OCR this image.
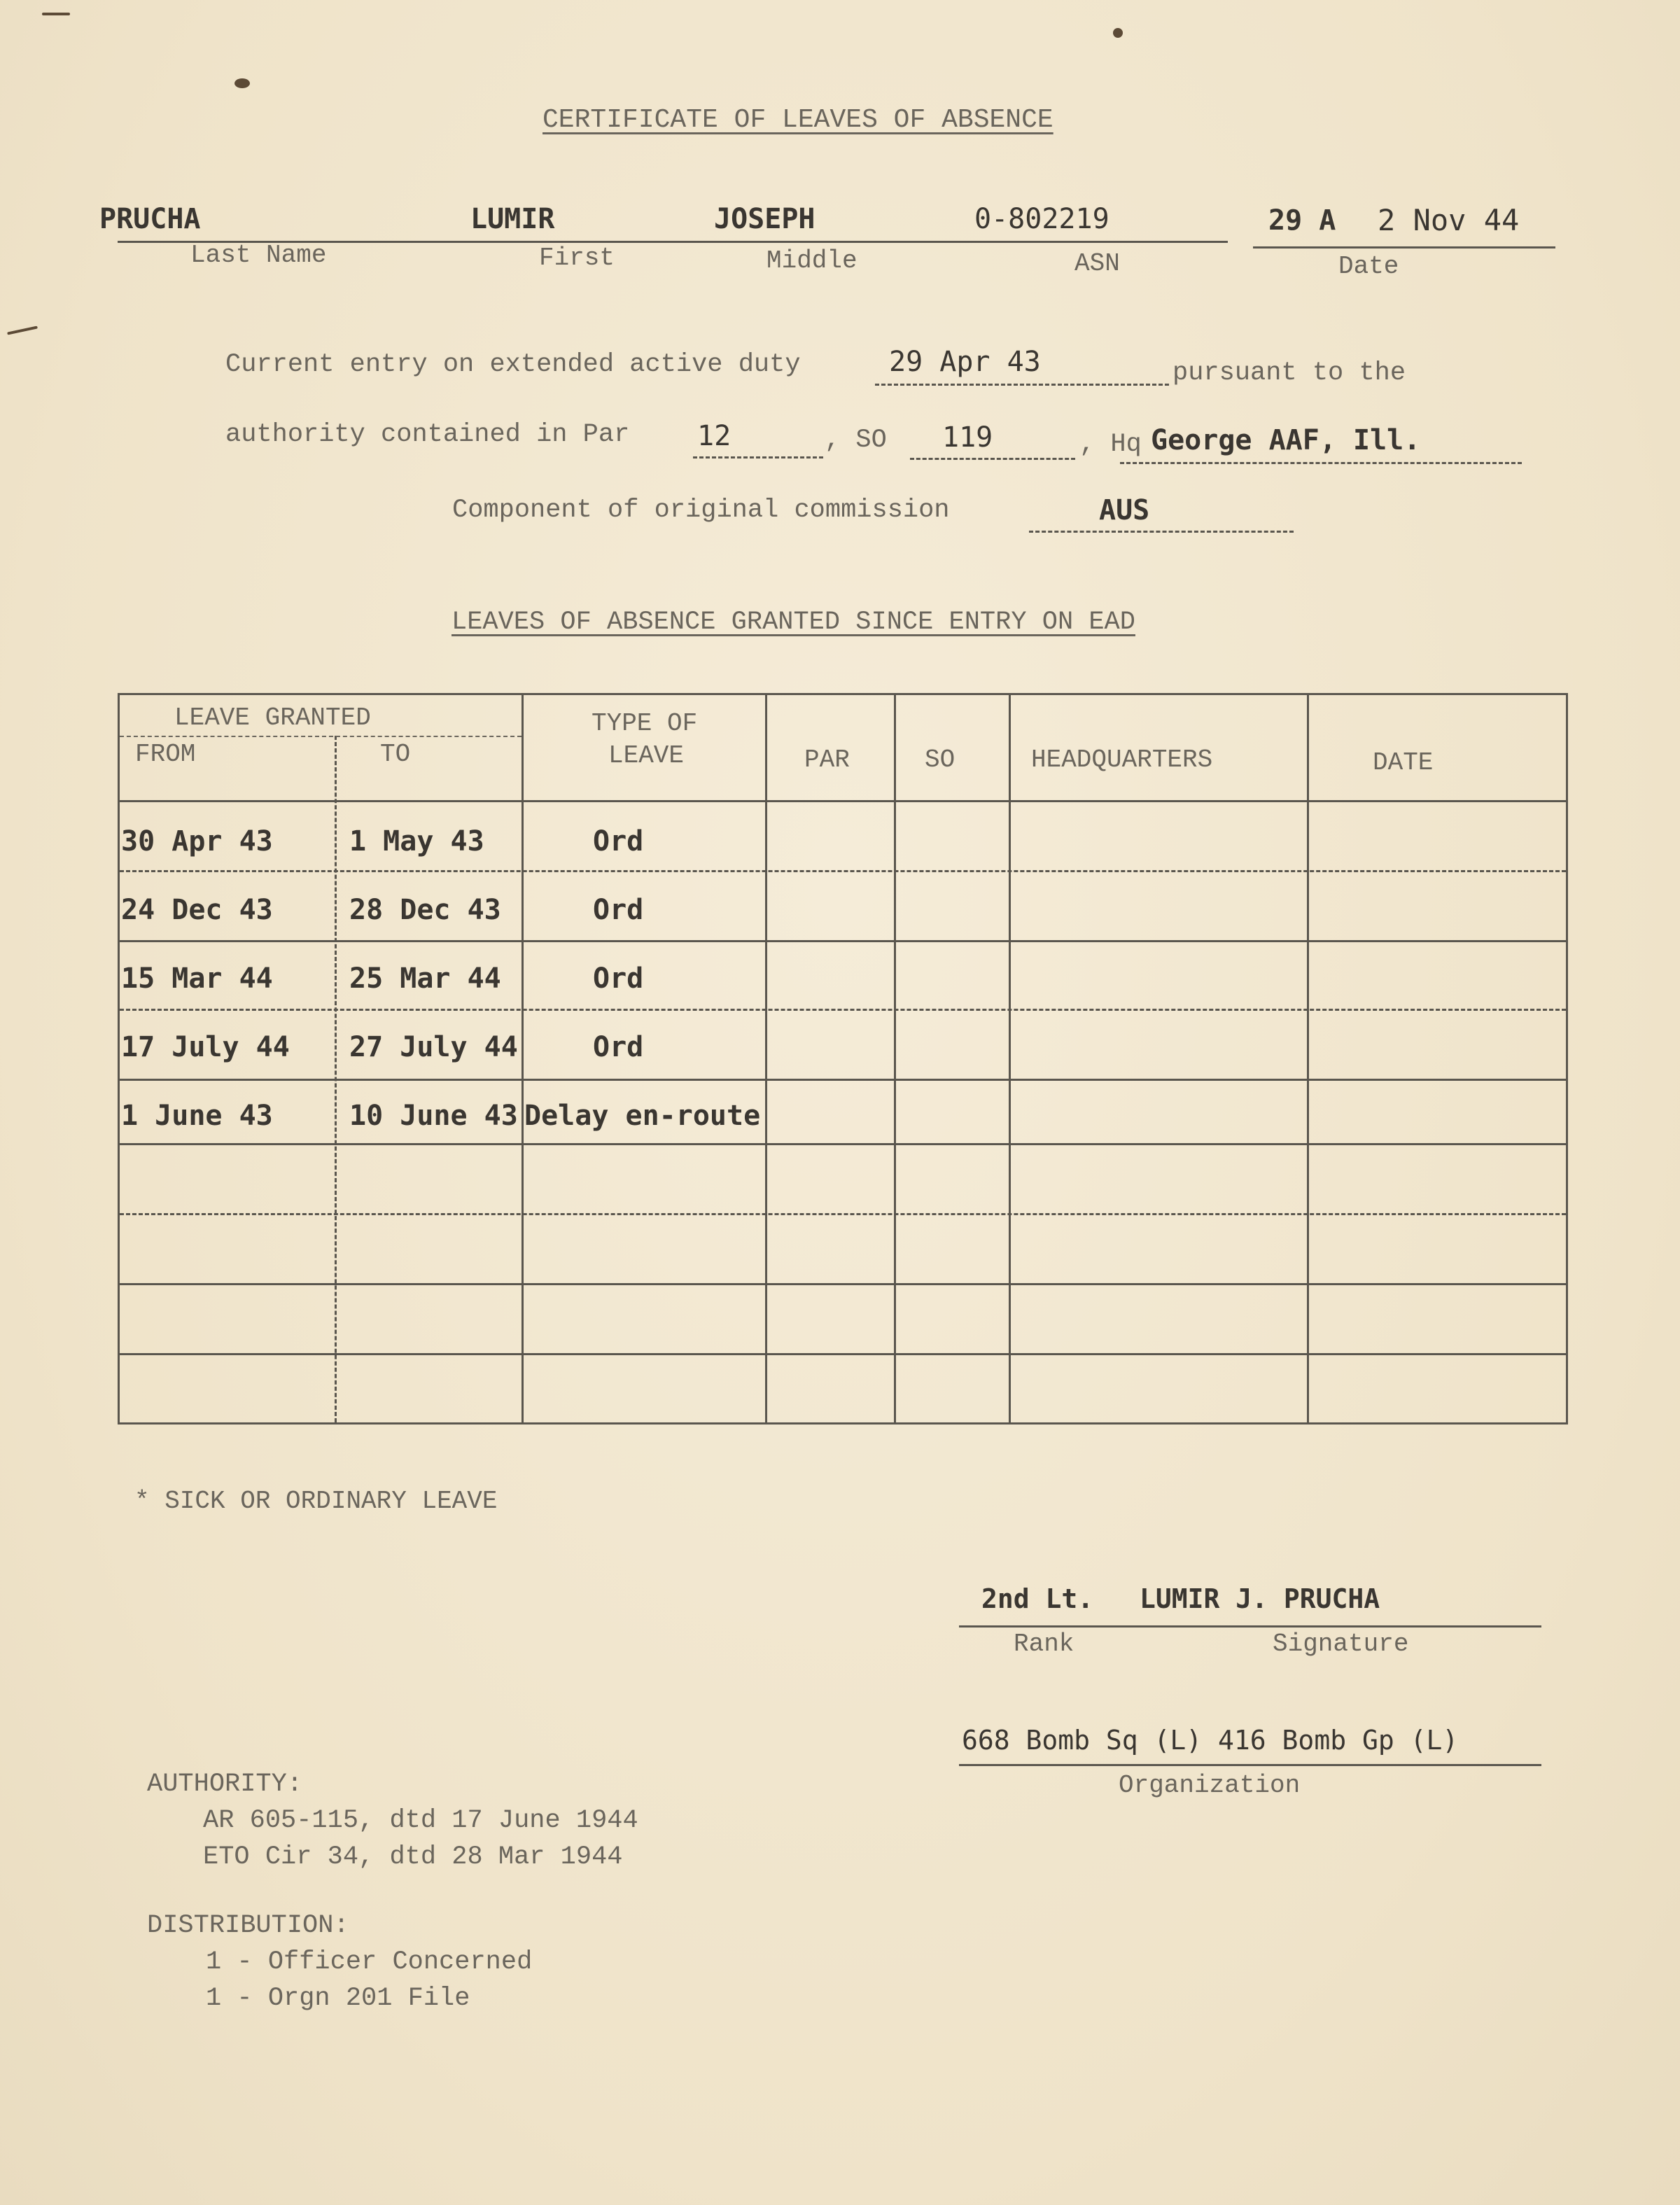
CERTIFICATE OF LEAVES OF ABSENCE
PRUCHA	LUMIR	JOSEPH	0-802219	29 A 2 Nov 44
Last Name	First	Middle	ASN	Date
Current entry on extended active duty	29 Apr 43	pursuant to the
authority contained in Par 12	, SO 119	, Hq George AAF, Ill.
Component of original commission	AUS
LEAVES OF ABSENCE GRANTED SINCE ENTRY ON EAD
LEAVE GRANTED
FROM	TO
TYPE OF
LEAVE	PAR	SO	HEADQUARTERS	DATE
30 Apr 43	1 May 43	Ord
24 Dec 43	28 Dec 43	Ord
15 Mar 44	25 Mar 44	Ord
17 July 44 27 July 44	Ord
1 June 43	10 June 43 Delay en-route
* SICK OR ORDINARY LEAVE
2nd Lt. LUMIR J. PRUCHA
Rank	Signature
668 Bomb Sq (L) 416 Bomb Gp (L)
Organization
AUTHORITY:
AR 605-115, dtd 17 June 1944
ETO Cir 34, dtd 28 Mar 1944
DISTRIBUTION:
1 - Officer Concerned
1 - Orgn 201 File
